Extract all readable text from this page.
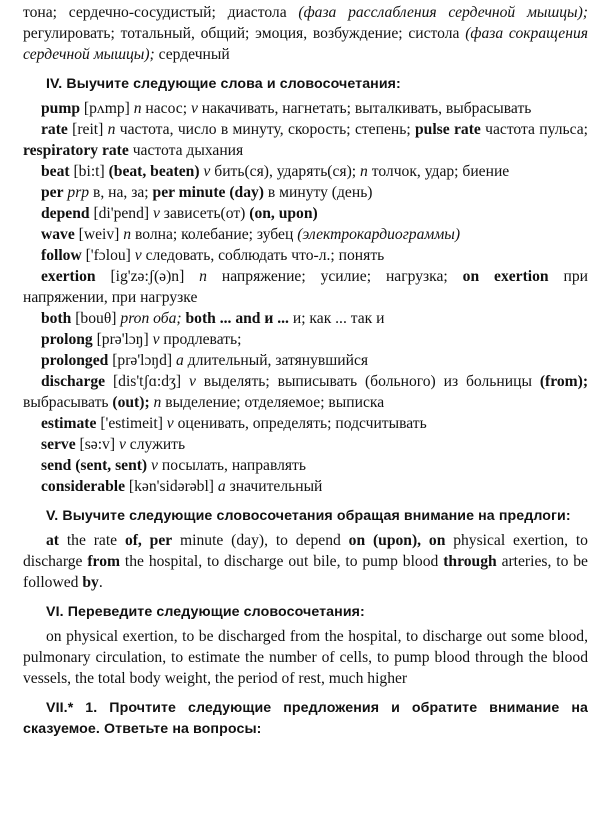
тона; сердечно-сосудистый; диастола (фаза расслабления сердечной мышцы); регулировать; тотальный, общий; эмоция, возбуждение; систола (фаза сокращения сердечной мышцы); сердечный

IV. Выучите следующие слова и словосочетания:

pump [pʌmp] n насос; v накачивать, нагнетать; выталкивать, выбрасывать

rate [reit] n частота, число в минуту, скорость; степень; pulse rate частота пульса; respiratory rate частота дыхания

beat [bi:t] (beat, beaten) v бить(ся), ударять(ся); n толчок, удар; биение

per prp в, на, за; per minute (day) в минуту (день)

depend [di'pend] v зависеть(от) (on, upon)

wave [weiv] n волна; колебание; зубец (электрокардиограммы)

follow ['fɔlou] v следовать, соблюдать что-л.; понять

exertion [ig'zə:ʃ(ə)n] n напряжение; усилие; нагрузка; on exertion при напряжении, при нагрузке

both [bouθ] pron оба; both ... and и ... и; как ... так и

prolong [prə'lɔŋ] v продлевать;

prolonged [prə'lɔŋd] a длительный, затянувшийся

discharge [dis'tʃɑ:dʒ] v выделять; выписывать (больного) из больницы (from); выбрасывать (out); n выделение; отделяемое; выписка

estimate ['estimeit] v оценивать, определять; подсчитывать

serve [sə:v] v служить

send (sent, sent) v посылать, направлять

considerable [kən'sidərəbl] a значительный

V. Выучите следующие словосочетания обращая внимание на предлоги:

at the rate of, per minute (day), to depend on (upon), on physical exertion, to discharge from the hospital, to discharge out bile, to pump blood through arteries, to be followed by.

VI. Переведите следующие словосочетания:

on physical exertion, to be discharged from the hospital, to discharge out some blood, pulmonary circulation, to estimate the number of cells, to pump blood through the blood vessels, the total body weight, the period of rest, much higher

VII.* 1. Прочтите следующие предложения и обратите внимание на сказуемое. Ответьте на вопросы:
